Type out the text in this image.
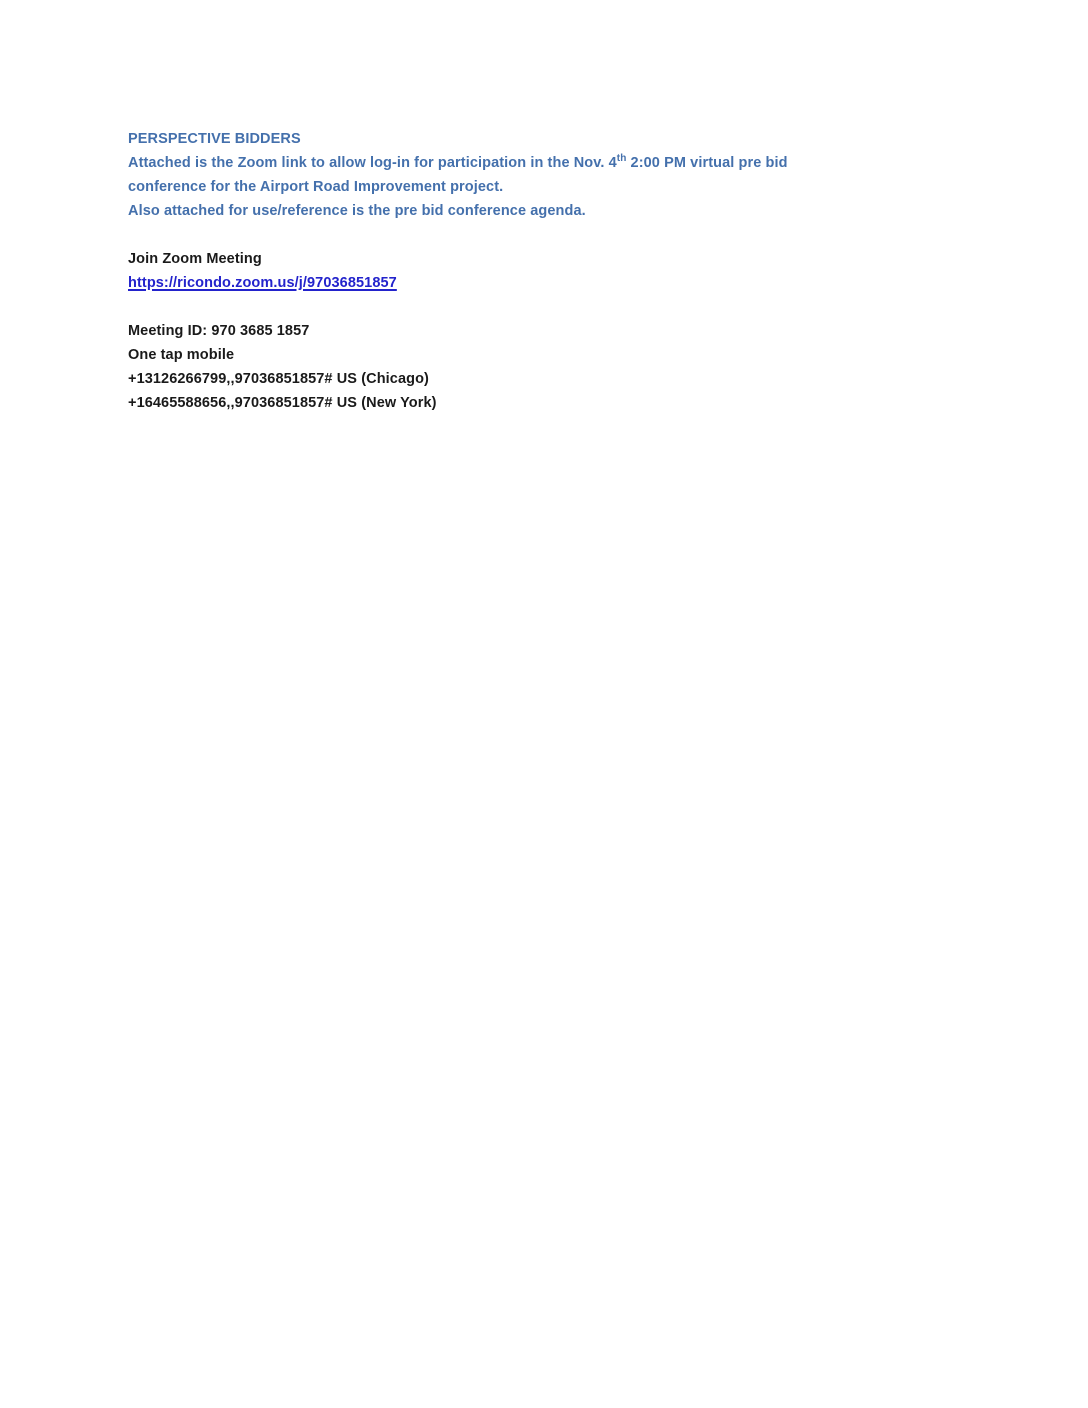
PERSPECTIVE BIDDERS
Attached is the Zoom link to allow log-in for participation in the Nov. 4th 2:00 PM virtual pre bid
conference for the Airport Road Improvement project.
Also attached for use/reference is the pre bid conference agenda.
Join Zoom Meeting
https://ricondo.zoom.us/j/97036851857
Meeting ID: 970 3685 1857
One tap mobile
+13126266799,,97036851857# US (Chicago)
+16465588656,,97036851857# US (New York)
